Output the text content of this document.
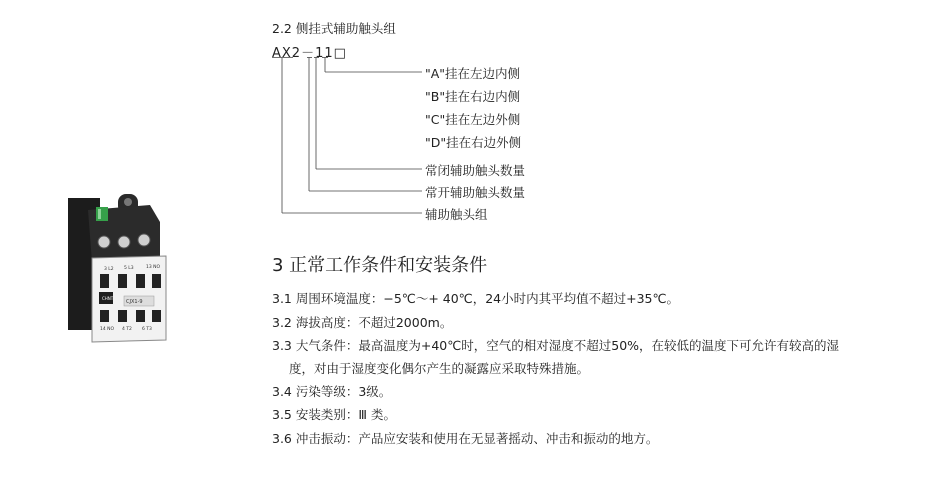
3 L2 5 L3	13 NO
CHNT
CJX1-9
14 NO 4 T2 6 T3
2.2 侧挂式辅助触头组
AX2－11□
"A"挂在左边内侧
"B"挂在右边内侧
"C"挂在左边外侧
"D"挂在右边外侧
常闭辅助触头数量
常开辅助触头数量
辅助触头组
3 正常工作条件和安装条件
3.1 周围环境温度：−5℃～+ 40℃，24小时内其平均值不超过+35℃。
3.2 海拔高度：不超过2000m。
3.3 大气条件：最高温度为+40℃时，空气的相对湿度不超过50%，在较低的温度下可允许有较高的湿
度，对由于湿度变化偶尔产生的凝露应采取特殊措施。
3.4 污染等级：3级。
3.5 安装类别：Ⅲ 类。
3.6 冲击振动：产品应安装和使用在无显著摇动、冲击和振动的地方。
